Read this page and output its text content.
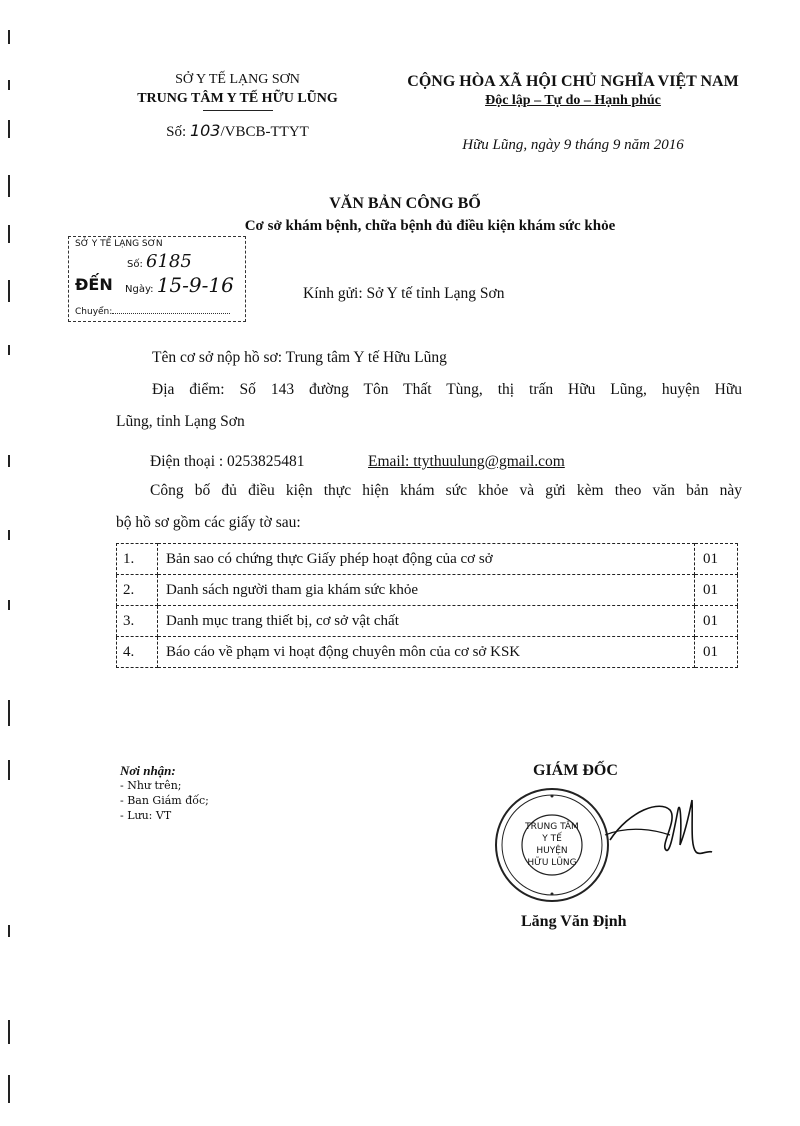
SỞ Y TẾ LẠNG SƠN
TRUNG TÂM Y TẾ HỮU LŨNG
Số: 103/VBCB-TTYT
CỘNG HÒA XÃ HỘI CHỦ NGHĨA VIỆT NAM
Độc lập – Tự do – Hạnh phúc
Hữu Lũng, ngày 9 tháng 9 năm 2016
VĂN BẢN CÔNG BỐ
Cơ sở khám bệnh, chữa bệnh đủ điều kiện khám sức khỏe
SỞ Y TẾ LẠNG SƠN
Số: 6185
ĐẾN Ngày: 15-9-16
Chuyển:
Kính gửi: Sở Y tế tỉnh Lạng Sơn
Tên cơ sở nộp hồ sơ: Trung tâm Y tế Hữu Lũng
Địa điểm: Số 143 đường Tôn Thất Tùng, thị trấn Hữu Lũng, huyện Hữu
Lũng, tỉnh Lạng Sơn
Điện thoại : 0253825481	Email: ttythuulung@gmail.com
Công bố đủ điều kiện thực hiện khám sức khỏe và gửi kèm theo văn bản này
bộ hồ sơ gồm các giấy tờ sau:
1.	Bản sao có chứng thực Giấy phép hoạt động của cơ sở	01
2.	Danh sách người tham gia khám sức khỏe	01
3.	Danh mục trang thiết bị, cơ sở vật chất	01
4.	Báo cáo về phạm vi hoạt động chuyên môn của cơ sở KSK	01
Nơi nhận:
- Như trên;
- Ban Giám đốc;
- Lưu: VT
GIÁM ĐỐC
TRUNG TÂM
Y TẾ
HUYỆN
HỮU LŨNG
Lăng Văn Định
